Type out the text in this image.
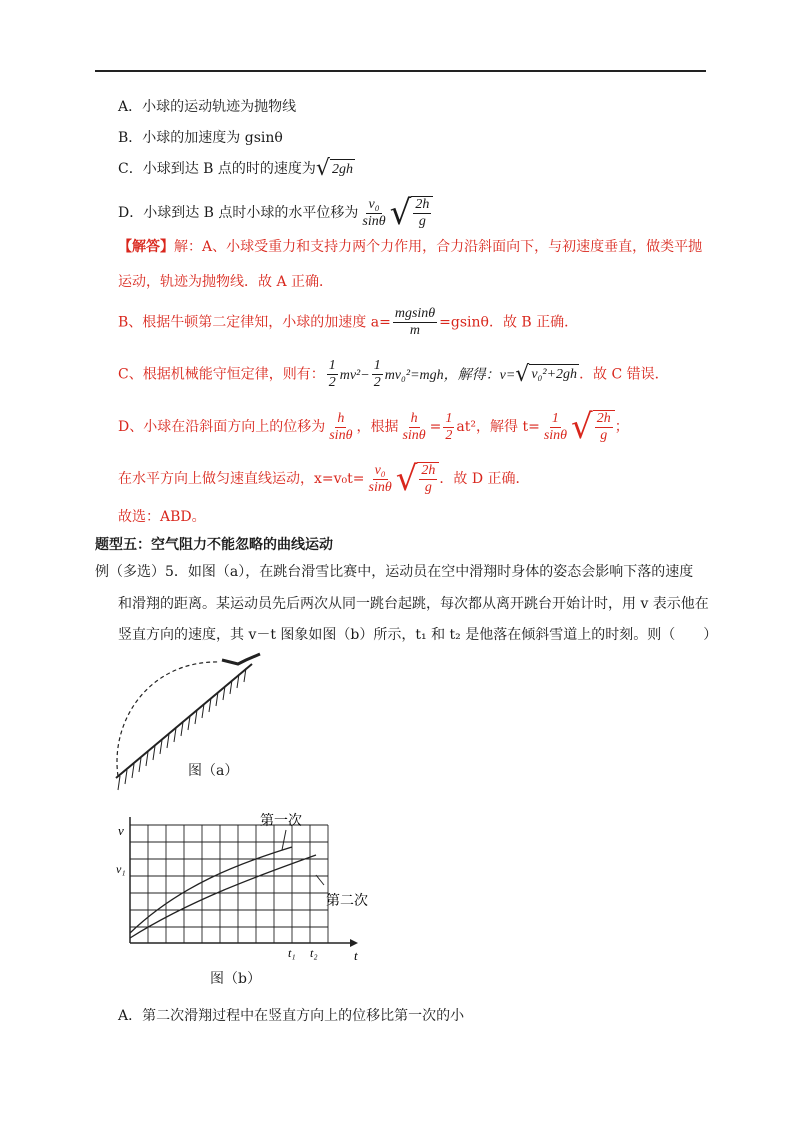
A．小球的运动轨迹为抛物线
B．小球的加速度为 gsinθ
C．小球到达 B 点的时的速度为 √ 2gh
D．小球到达 B 点时小球的水平位移为 $\frac{\text{v₀}}{\sin\theta}$ √ $\frac{2h}{g}$
【解答】解：A、小球受重力和支持力两个力作用，合力沿斜面向下，与初速度垂直，做类平抛
运动，轨迹为抛物线．故 A 正确．
B、根据牛顿第二定律知，小球的加速度 $a= \frac{mgsin\theta}{m} =gsin\theta$．故 B 正确．
C、根据机械能守恒定律，则有： $\frac{1}{2} mv^2- \frac{1}{2} mv_0^2=mgh$，解得：v= √ v₀²+2gh ．故 C 错误．
D、小球在沿斜面方向上的位移为 $\frac{h}{\sin\theta}$ ，根据 $\frac{h}{\sin\theta} = \frac{1}{2} at^2$，解得 $t= \frac{1}{\sin\theta}$ √ $\frac{2h}{g}$ ；
在水平方向上做匀速直线运动，$x=v_0t= \frac{\text{v₀}}{\sin\theta}$ √ $\frac{2h}{g}$ ．故 D 正确．
故选：ABD。
题型五：空气阻力不能忽略的曲线运动
例（多选）5．如图（a），在跳台滑雪比赛中，运动员在空中滑翔时身体的姿态会影响下落的速度
和滑翔的距离。某运动员先后两次从同一跳台起跳，每次都从离开跳台开始计时，用 v 表示他在
竖直方向的速度，其 v－t 图象如图（b）所示，t₁ 和 t₂ 是他落在倾斜雪道上的时刻。则（　　）
图（a）
v
v₁
t
t₁ t₂
第一次
第二次
图（b）
A．第二次滑翔过程中在竖直方向上的位移比第一次的小
